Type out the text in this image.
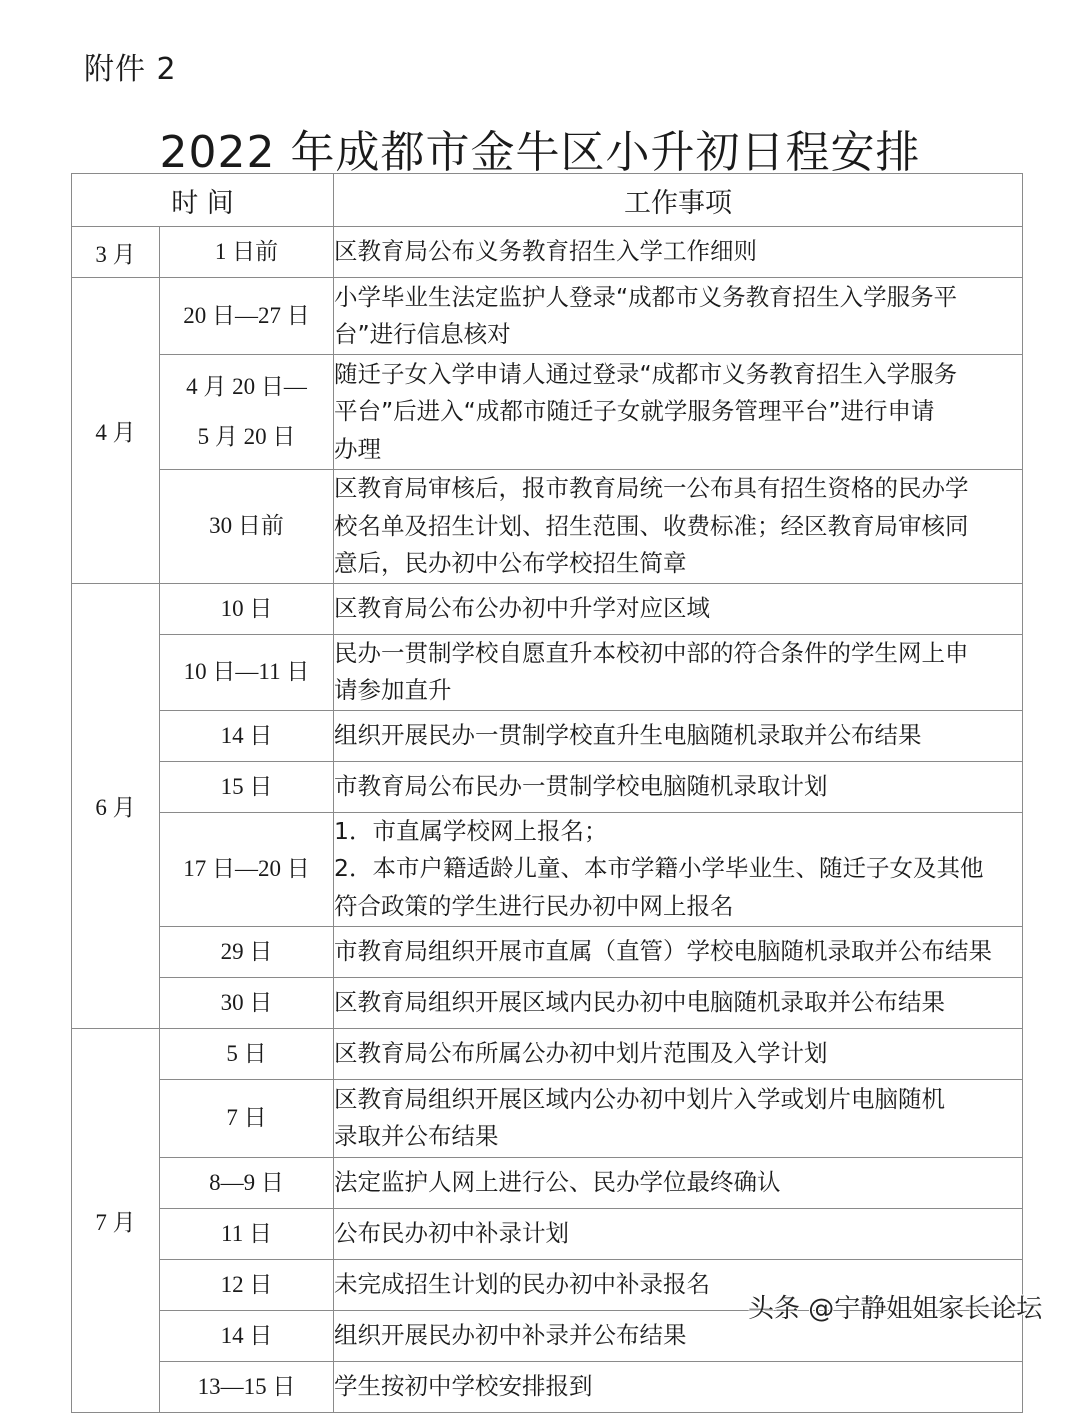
附件 2
2022 年成都市金牛区小升初日程安排
时 间		工作事项
3 月	1 日前	区教育局公布义务教育招生入学工作细则

4 月	20 日—27 日	小学毕业生法定监护人登录“成都市义务教育招生入学服务平
台”进行信息核对

	4 月 20 日—
5 月 20 日	随迁子女入学申请人通过登录“成都市义务教育招生入学服务
平台”后进入“成都市随迁子女就学服务管理平台”进行申请
办理

	30 日前	区教育局审核后，报市教育局统一公布具有招生资格的民办学
校名单及招生计划、招生范围、收费标准；经区教育局审核同
意后，民办初中公布学校招生简章

6 月	10 日	区教育局公布公办初中升学对应区域

	10 日—11 日	民办一贯制学校自愿直升本校初中部的符合条件的学生网上申
请参加直升

	14 日	组织开展民办一贯制学校直升生电脑随机录取并公布结果

	15 日	市教育局公布民办一贯制学校电脑随机录取计划

	17 日—20 日	1．市直属学校网上报名；
2．本市户籍适龄儿童、本市学籍小学毕业生、随迁子女及其他
符合政策的学生进行民办初中网上报名

	29 日	市教育局组织开展市直属（直管）学校电脑随机录取并公布结果

	30 日	区教育局组织开展区域内民办初中电脑随机录取并公布结果

7 月	5 日	区教育局公布所属公办初中划片范围及入学计划

	7 日	区教育局组织开展区域内公办初中划片入学或划片电脑随机
录取并公布结果

	8—9 日	法定监护人网上进行公、民办学位最终确认

	11 日	公布民办初中补录计划

	12 日	未完成招生计划的民办初中补录报名

	14 日	组织开展民办初中补录并公布结果

	13—15 日	学生按初中学校安排报到
头条 @宁静姐姐家长论坛
